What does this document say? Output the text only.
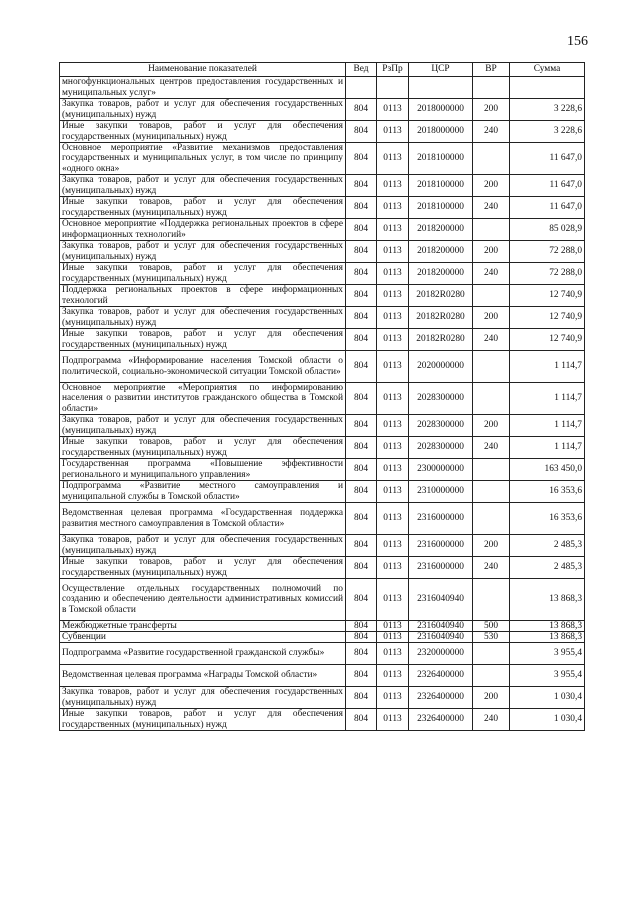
156
Наименование показателей	Вед	РзПр	ЦСР	ВР	Сумма
многофункциональных центров предоставления государственных и муниципальных услуг»					
Закупка товаров, работ и услуг для обеспечения государственных (муниципальных) нужд	804	0113	2018000000	200	3 228,6
Иные закупки товаров, работ и услуг для обеспечения государственных (муниципальных) нужд	804	0113	2018000000	240	3 228,6
Основное мероприятие «Развитие механизмов предоставления государственных и муниципальных услуг, в том числе по принципу «одного окна»	804	0113	2018100000		11 647,0
Закупка товаров, работ и услуг для обеспечения государственных (муниципальных) нужд	804	0113	2018100000	200	11 647,0
Иные закупки товаров, работ и услуг для обеспечения государственных (муниципальных) нужд	804	0113	2018100000	240	11 647,0
Основное мероприятие «Поддержка региональных проектов в сфере информационных технологий»	804	0113	2018200000		85 028,9
Закупка товаров, работ и услуг для обеспечения государственных (муниципальных) нужд	804	0113	2018200000	200	72 288,0
Иные закупки товаров, работ и услуг для обеспечения государственных (муниципальных) нужд	804	0113	2018200000	240	72 288,0
Поддержка региональных проектов в сфере информационных технологий	804	0113	20182R0280		12 740,9
Закупка товаров, работ и услуг для обеспечения государственных (муниципальных) нужд	804	0113	20182R0280	200	12 740,9
Иные закупки товаров, работ и услуг для обеспечения государственных (муниципальных) нужд	804	0113	20182R0280	240	12 740,9
Подпрограмма «Информирование населения Томской области о политической, социально-экономической ситуации Томской области»	804	0113	2020000000		1 114,7
Основное мероприятие «Мероприятия по информированию населения о развитии институтов гражданского общества в Томской области»	804	0113	2028300000		1 114,7
Закупка товаров, работ и услуг для обеспечения государственных (муниципальных) нужд	804	0113	2028300000	200	1 114,7
Иные закупки товаров, работ и услуг для обеспечения государственных (муниципальных) нужд	804	0113	2028300000	240	1 114,7
Государственная программа «Повышение эффективности регионального и муниципального управления»	804	0113	2300000000		163 450,0
Подпрограмма «Развитие местного самоуправления и муниципальной службы в Томской области»	804	0113	2310000000		16 353,6
Ведомственная целевая программа «Государственная поддержка развития местного самоуправления в Томской области»	804	0113	2316000000		16 353,6
Закупка товаров, работ и услуг для обеспечения государственных (муниципальных) нужд	804	0113	2316000000	200	2 485,3
Иные закупки товаров, работ и услуг для обеспечения государственных (муниципальных) нужд	804	0113	2316000000	240	2 485,3
Осуществление отдельных государственных полномочий по созданию и обеспечению деятельности административных комиссий в Томской области	804	0113	2316040940		13 868,3
Межбюджетные трансферты	804	0113	2316040940	500	13 868,3
Субвенции	804	0113	2316040940	530	13 868,3
Подпрограмма «Развитие государственной гражданской службы»	804	0113	2320000000		3 955,4
Ведомственная целевая программа «Награды Томской области»	804	0113	2326400000		3 955,4
Закупка товаров, работ и услуг для обеспечения государственных (муниципальных) нужд	804	0113	2326400000	200	1 030,4
Иные закупки товаров, работ и услуг для обеспечения государственных (муниципальных) нужд	804	0113	2326400000	240	1 030,4
